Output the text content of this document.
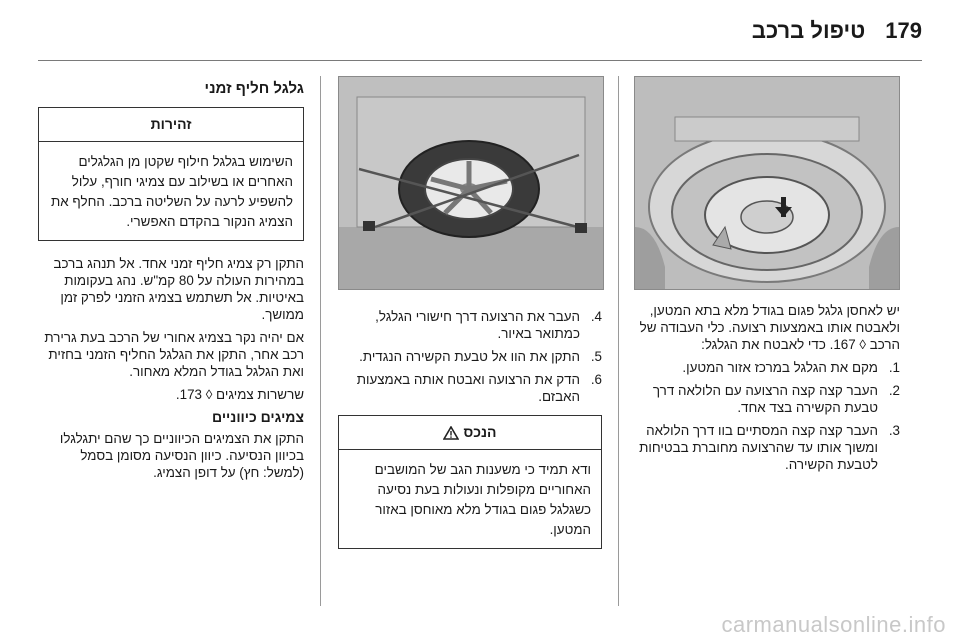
179
טיפול ברכב

יש לאחסן גלגל פגום בגודל מלא בתא המטען, ולאבטח אותו באמצעות רצועה. כלי העבודה של הרכב ◊ 167. כדי לאבטח את הגלגל:

1.
מקם את הגלגל במרכז אזור המטען.
2.
העבר קצה קצה הרצועה עם הלולאה דרך טבעת הקשירה בצד אחד.
3.
העבר קצה קצה המסתיים בוו דרך הלולאה ומשוך אותו עד שהרצועה מחוברת בבטיחות לטבעת הקשירה.
4.
העבר את הרצועה דרך חישורי הגלגל, כמתואר באיור.
5.
התקן את הוו אל טבעת הקשירה הנגדית.
6.
הדק את הרצועה ואבטח אותה באמצעות האבזם.
הנכס
ודא תמיד כי משענות הגב של המושבים האחוריים מקופלות ונעולות בעת נסיעה כשגלגל פגום בגודל מלא מאוחסן באזור המטען.
גלגל חליף זמני
זהירות
השימוש בגלגל חילוף שקטן מן הגלגלים האחרים או בשילוב עם צמיגי חורף, עלול להשפיע לרעה על השליטה ברכב. החלף את הצמיג הנקור בהקדם האפשרי.

התקן רק צמיג חליף זמני אחד. אל תנהג ברכב במהירות העולה על 80 קמ"ש. נהג בעקומות באיטיות. אל תשתמש בצמיג הזמני לפרק זמן ממושך.

אם יהיה נקר בצמיג אחורי של הרכב בעת גרירת רכב אחר, התקן את הגלגל החליף הזמני בחזית ואת הגלגל בגודל המלא מאחור.

שרשרות צמיגים ◊ 173.

צמיגים כיווניים

התקן את הצמיגים הכיווניים כך שהם יתגלגלו בכיוון הנסיעה. כיוון הנסיעה מסומן בסמל (למשל: חץ) על דופן הצמיג.

carmanualsonline.info
